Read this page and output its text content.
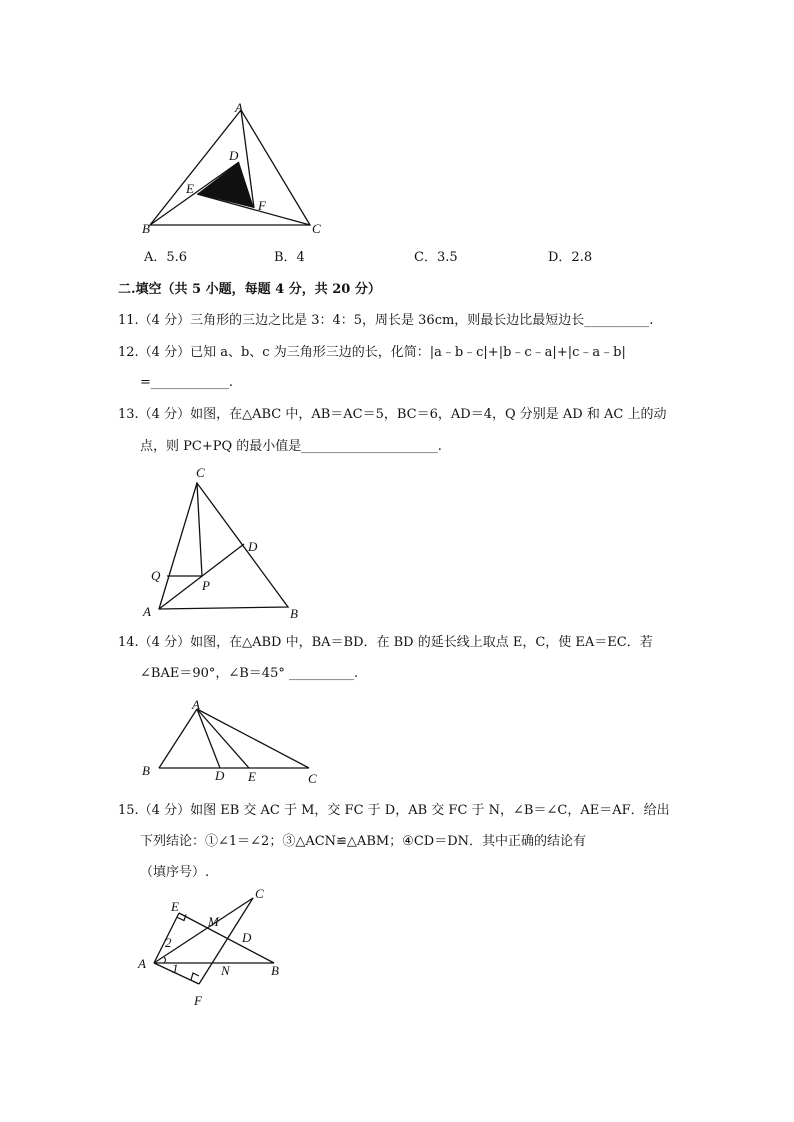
A
B	C
D
E
F
A．5.6	B．4	C．3.5	D．2.8
二.填空（共 5 小题，每题 4 分，共 20 分）
11.（4 分）三角形的三边之比是 3：4：5，周长是 36cm，则最长边比最短边长__________.
12.（4 分）已知 a、b、c 为三角形三边的长，化简：|a﹣b﹣c|+|b﹣c﹣a|+|c﹣a﹣b|
=____________.
13.（4 分）如图，在△ABC 中，AB＝AC＝5，BC＝6，AD＝4，Q 分别是 AD 和 AC 上的动
点，则 PC+PQ 的最小值是_____________________.
C
A	B
D
P
Q
14.（4 分）如图，在△ABD 中，BA＝BD．在 BD 的延长线上取点 E，C，使 EA＝EC．若
∠BAE＝90°，∠B＝45° __________.
A
B	D E	C
15.（4 分）如图 EB 交 AC 于 M，交 FC 于 D，AB 交 FC 于 N，∠B＝∠C，AE＝AF．给出
下列结论：①∠1＝∠2；③△ACN≌△ABM；④CD＝DN．其中正确的结论有
（填序号）.
E
A
C
M
D
N	B
F
2
1
